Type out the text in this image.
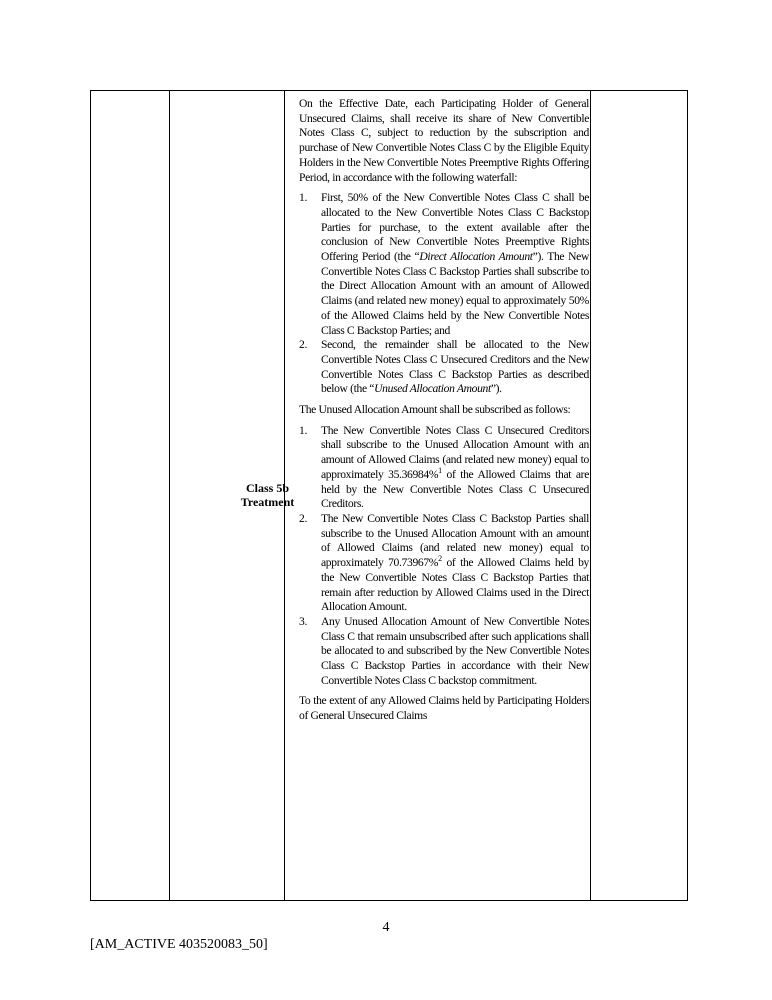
Class 5b
Treatment

On the Effective Date, each Participating Holder of General Unsecured Claims, shall receive its share of New Convertible Notes Class C, subject to reduction by the subscription and purchase of New Convertible Notes Class C by the Eligible Equity Holders in the New Convertible Notes Preemptive Rights Offering Period, in accordance with the following waterfall:

1. First, 50% of the New Convertible Notes Class C shall be allocated to the New Convertible Notes Class C Backstop Parties for purchase, to the extent available after the conclusion of New Convertible Notes Preemptive Rights Offering Period (the “Direct Allocation Amount”). The New Convertible Notes Class C Backstop Parties shall subscribe to the Direct Allocation Amount with an amount of Allowed Claims (and related new money) equal to approximately 50% of the Allowed Claims held by the New Convertible Notes Class C Backstop Parties; and
2. Second, the remainder shall be allocated to the New Convertible Notes Class C Unsecured Creditors and the New Convertible Notes Class C Backstop Parties as described below (the “Unused Allocation Amount”).

The Unused Allocation Amount shall be subscribed as follows:

1. The New Convertible Notes Class C Unsecured Creditors shall subscribe to the Unused Allocation Amount with an amount of Allowed Claims (and related new money) equal to approximately 35.36984%$^1$ of the Allowed Claims that are held by the New Convertible Notes Class C Unsecured Creditors.
2. The New Convertible Notes Class C Backstop Parties shall subscribe to the Unused Allocation Amount with an amount of Allowed Claims (and related new money) equal to approximately 70.73967%$^2$ of the Allowed Claims held by the New Convertible Notes Class C Backstop Parties that remain after reduction by Allowed Claims used in the Direct Allocation Amount.
3. Any Unused Allocation Amount of New Convertible Notes Class C that remain unsubscribed after such applications shall be allocated to and subscribed by the New Convertible Notes Class C Backstop Parties in accordance with their New Convertible Notes Class C backstop commitment.

To the extent of any Allowed Claims held by Participating Holders of General Unsecured Claims

4
[AM_ACTIVE 403520083_50]
